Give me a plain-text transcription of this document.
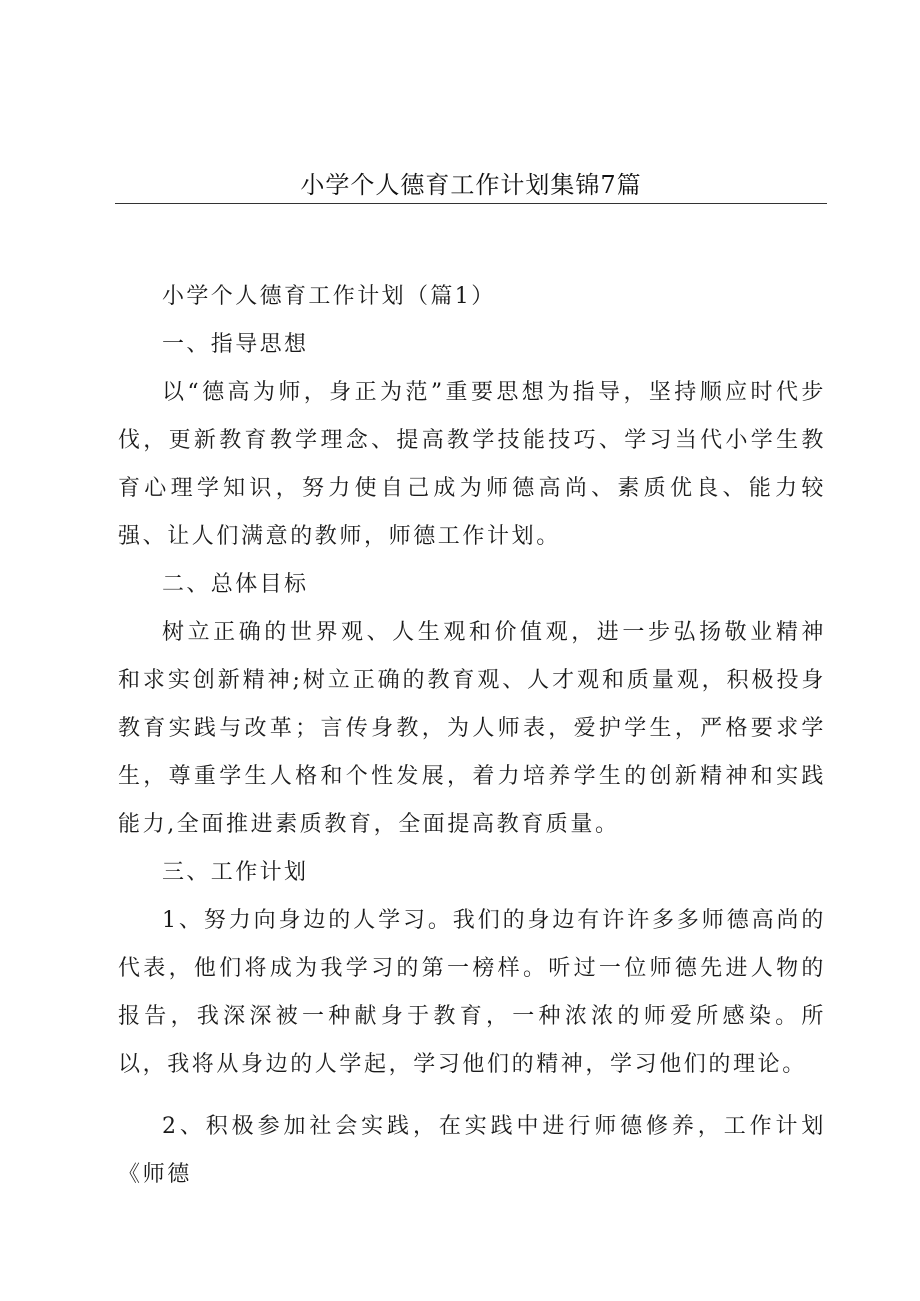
小学个人德育工作计划集锦7篇

小学个人德育工作计划（篇1）

一、指导思想

以“德高为师，身正为范”重要思想为指导，坚持顺应时代步伐，更新教育教学理念、提高教学技能技巧、学习当代小学生教育心理学知识，努力使自己成为师德高尚、素质优良、能力较强、让人们满意的教师，师德工作计划。

二、总体目标

树立正确的世界观、人生观和价值观，进一步弘扬敬业精神和求实创新精神;树立正确的教育观、人才观和质量观，积极投身教育实践与改革；言传身教，为人师表，爱护学生，严格要求学生，尊重学生人格和个性发展，着力培养学生的创新精神和实践能力,全面推进素质教育，全面提高教育质量。

三、工作计划

1、努力向身边的人学习。我们的身边有许许多多师德高尚的代表，他们将成为我学习的第一榜样。听过一位师德先进人物的报告，我深深被一种献身于教育，一种浓浓的师爱所感染。所以，我将从身边的人学起，学习他们的精神，学习他们的理论。

2、积极参加社会实践，在实践中进行师德修养，工作计划《师德
